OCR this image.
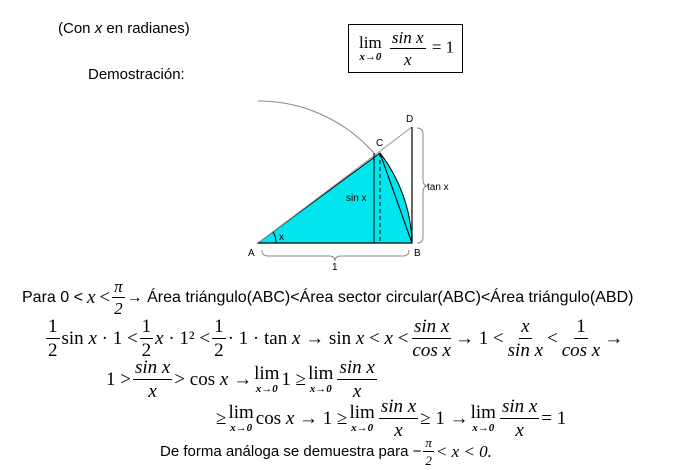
(Con x en radianes)
lim
x→0
$\frac{\text{sin x}}{x} = 1$
Demostración:
A	B
C
D
x
sin x
tan x
1
Para $0 < x < \frac{\pi}{2}$ → Área triángulo(ABC)<Área sector circular(ABC)<Área triángulo(ABD)
$\frac{1}{2}$ sin
x
· $1 < \frac{1}{2}$ x
· $1^2 < \frac{1}{2} \cdot 1 \cdot \tan$
x
→ sin
x
<
x
< $\frac{\text{sin x}}{\text{cos x}} \to 1 < \frac{x}{\text{sin x}} < \frac{1}{\text{cos x}}$ →
$1 > \frac{\text{sin x}}{x} > \cos$
x
→ lim
x→0 1 ≥ lim
$x\to 0 \frac{\text{sin x}}{x}$
≥ lim
x→0 cos
x
→ 1 ≥ lim
$x\to 0 \frac{\text{sin x}}{x} \ge 1 \to \lim$
$x\to 0 \frac{\text{sin x}}{x} = 1$
De forma análoga se demuestra para − $\frac{\pi}{2} < x < 0$.
